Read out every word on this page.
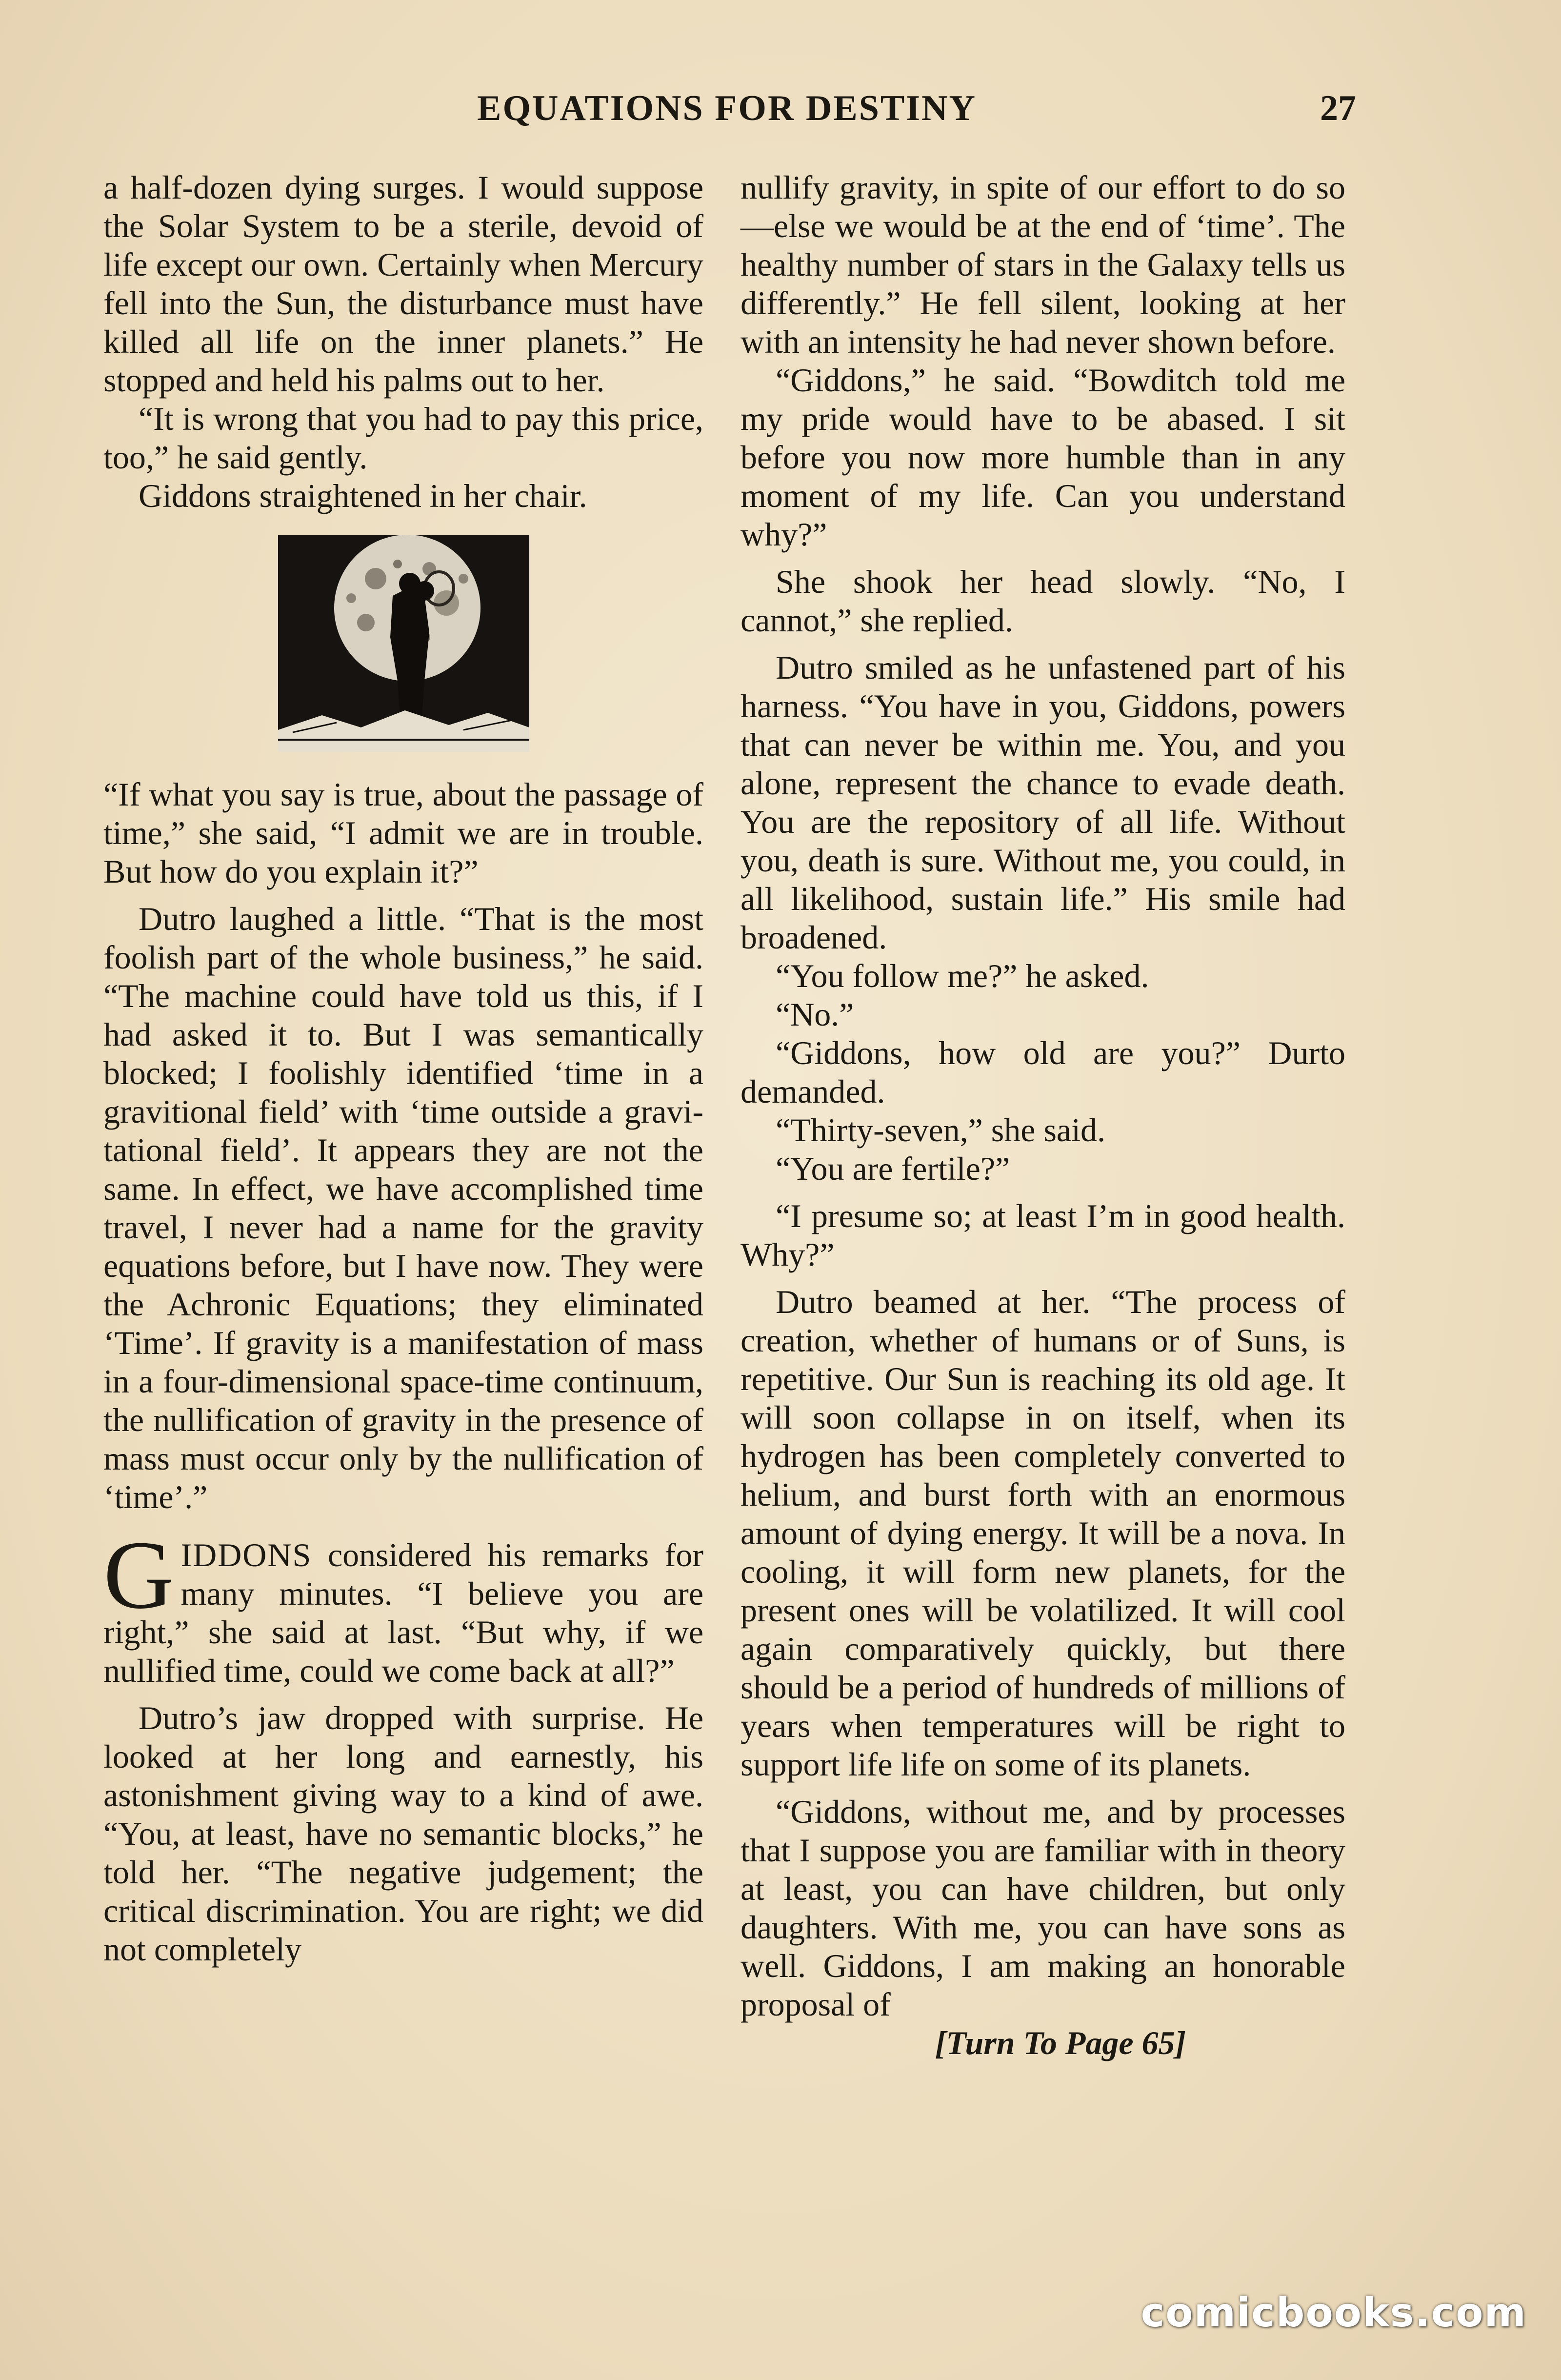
EQUATIONS FOR DESTINY	27

a half-dozen dying surges. I would suppose the Solar System to be a sterile, devoid of life except our own. Certainly when Mercury fell into the Sun, the disturbance must have killed all life on the inner planets.” He stopped and held his palms out to her.

“It is wrong that you had to pay this price, too,” he said gently.

Giddons straightened in her chair.

“If what you say is true, about the passage of time,” she said, “I admit we are in trouble. But how do you explain it?”

Dutro laughed a little. “That is the most foolish part of the whole business,” he said. “The machine could have told us this, if I had asked it to. But I was semantically blocked; I foolishly identified ‘time in a gravitional field’ with ‘time outside a gravitational field’. It appears they are not the same. In effect, we have accomplished time travel, I never had a name for the gravity equations before, but I have now. They were the Achronic Equations; they eliminated ‘Time’. If gravity is a manifestation of mass in a four-dimensional space-time continuum, the nullification of gravity in the presence of mass must occur only by the nullification of ‘time’.”

GIDDONS considered his remarks for many minutes. “I believe you are right,” she said at last. “But why, if we nullified time, could we come back at all?”

Dutro’s jaw dropped with surprise. He looked at her long and earnestly, his astonishment giving way to a kind of awe. “You, at least, have no semantic blocks,” he told her. “The negative judgement; the critical discrimination. You are right; we did not completely

nullify gravity, in spite of our effort to do so—else we would be at the end of ‘time’. The healthy number of stars in the Galaxy tells us differently.” He fell silent, looking at her with an intensity he had never shown before.

“Giddons,” he said. “Bowditch told me my pride would have to be abased. I sit before you now more humble than in any moment of my life. Can you understand why?”

She shook her head slowly. “No, I cannot,” she replied.

Dutro smiled as he unfastened part of his harness. “You have in you, Giddons, powers that can never be within me. You, and you alone, represent the chance to evade death. You are the repository of all life. Without you, death is sure. Without me, you could, in all likelihood, sustain life.” His smile had broadened.

“You follow me?” he asked.

“No.”

“Giddons, how old are you?” Durto demanded.

“Thirty-seven,” she said.

“You are fertile?”

“I presume so; at least I’m in good health. Why?”

Dutro beamed at her. “The process of creation, whether of humans or of Suns, is repetitive. Our Sun is reaching its old age. It will soon collapse in on itself, when its hydrogen has been completely converted to helium, and burst forth with an enormous amount of dying energy. It will be a nova. In cooling, it will form new planets, for the present ones will be volatilized. It will cool again comparatively quickly, but there should be a period of hundreds of millions of years when temperatures will be right to support life life on some of its planets.

“Giddons, without me, and by processes that I suppose you are familiar with in theory at least, you can have children, but only daughters. With me, you can have sons as well. Giddons, I am making an honorable proposal of

[Turn To Page 65]

comicbooks.com
